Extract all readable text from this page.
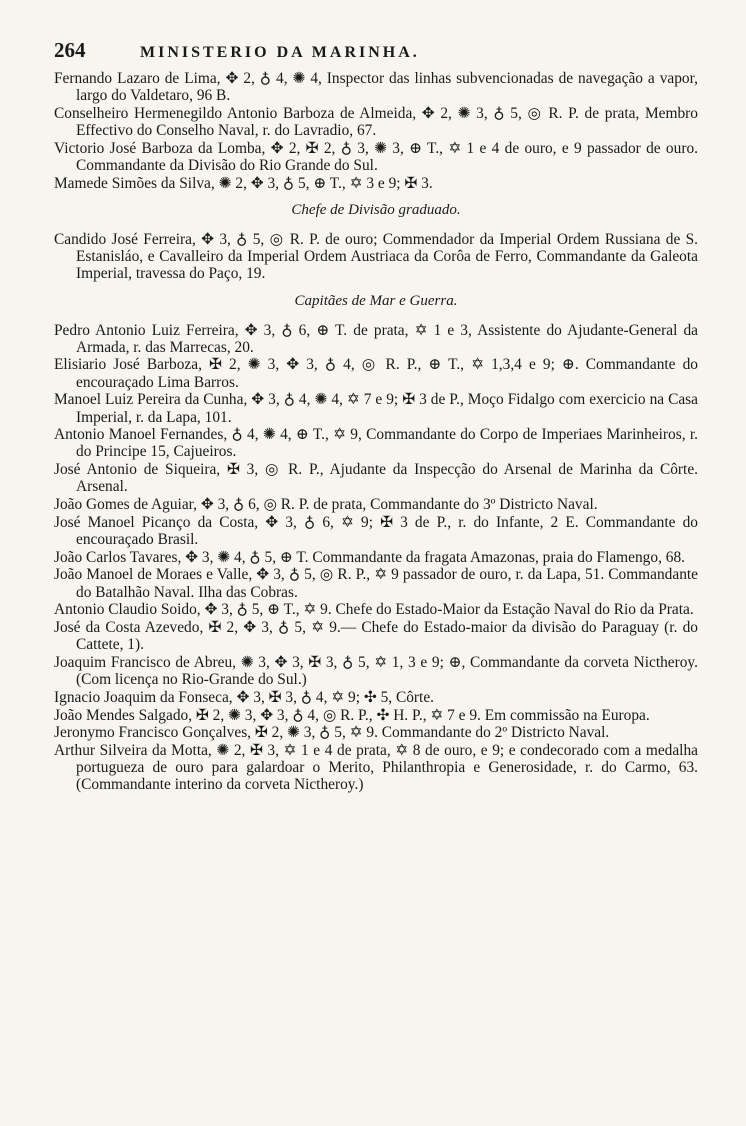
264	MINISTERIO DA MARINHA.

Fernando Lazaro de Lima, ✥ 2, ♁ 4, ✺ 4, Inspector das linhas subvencionadas de navegação a vapor, largo do Valdetaro, 96 B.

Conselheiro Hermenegildo Antonio Barboza de Almeida, ✥ 2, ✺ 3, ♁ 5, ◎ R. P. de prata, Membro Effectivo do Conselho Naval, r. do Lavradio, 67.

Victorio José Barboza da Lomba, ✥ 2, ✠ 2, ♁ 3, ✺ 3, ⊕ T., ✡ 1 e 4 de ouro, e 9 passador de ouro. Commandante da Divisão do Rio Grande do Sul.

Mamede Simões da Silva, ✺ 2, ✥ 3, ♁ 5, ⊕ T., ✡ 3 e 9; ✠ 3.

Chefe de Divisão graduado.

Candido José Ferreira, ✥ 3, ♁ 5, ◎ R. P. de ouro; Commendador da Imperial Ordem Russiana de S. Estanisláo, e Cavalleiro da Imperial Ordem Austriaca da Corôa de Ferro, Commandante da Galeota Imperial, travessa do Paço, 19.

Capitães de Mar e Guerra.

Pedro Antonio Luiz Ferreira, ✥ 3, ♁ 6, ⊕ T. de prata, ✡ 1 e 3, Assistente do Ajudante-General da Armada, r. das Marrecas, 20.

Elisiario José Barboza, ✠ 2, ✺ 3, ✥ 3, ♁ 4, ◎ R. P., ⊕ T., ✡ 1,3,4 e 9; ⊕. Commandante do encouraçado Lima Barros.

Manoel Luiz Pereira da Cunha, ✥ 3, ♁ 4, ✺ 4, ✡ 7 e 9; ✠ 3 de P., Moço Fidalgo com exercicio na Casa Imperial, r. da Lapa, 101.

Antonio Manoel Fernandes, ♁ 4, ✺ 4, ⊕ T., ✡ 9, Commandante do Corpo de Imperiaes Marinheiros, r. do Principe 15, Cajueiros.

José Antonio de Siqueira, ✠ 3, ◎ R. P., Ajudante da Inspecção do Arsenal de Marinha da Côrte. Arsenal.

João Gomes de Aguiar, ✥ 3, ♁ 6, ◎ R. P. de prata, Commandante do 3º Districto Naval.

José Manoel Picanço da Costa, ✥ 3, ♁ 6, ✡ 9; ✠ 3 de P., r. do Infante, 2 E. Commandante do encouraçado Brasil.

João Carlos Tavares, ✥ 3, ✺ 4, ♁ 5, ⊕ T. Commandante da fragata Amazonas, praia do Flamengo, 68.

João Manoel de Moraes e Valle, ✥ 3, ♁ 5, ◎ R. P., ✡ 9 passador de ouro, r. da Lapa, 51. Commandante do Batalhão Naval. Ilha das Cobras.

Antonio Claudio Soido, ✥ 3, ♁ 5, ⊕ T., ✡ 9. Chefe do Estado-Maior da Estação Naval do Rio da Prata.

José da Costa Azevedo, ✠ 2, ✥ 3, ♁ 5, ✡ 9.— Chefe do Estado-maior da divisão do Paraguay (r. do Cattete, 1).

Joaquim Francisco de Abreu, ✺ 3, ✥ 3, ✠ 3, ♁ 5, ✡ 1, 3 e 9; ⊕, Commandante da corveta Nictheroy. (Com licença no Rio-Grande do Sul.)

Ignacio Joaquim da Fonseca, ✥ 3, ✠ 3, ♁ 4, ✡ 9; ✣ 5, Côrte.

João Mendes Salgado, ✠ 2, ✺ 3, ✥ 3, ♁ 4, ◎ R. P., ✣ H. P., ✡ 7 e 9. Em commissão na Europa.

Jeronymo Francisco Gonçalves, ✠ 2, ✺ 3, ♁ 5, ✡ 9. Commandante do 2º Districto Naval.

Arthur Silveira da Motta, ✺ 2, ✠ 3, ✡ 1 e 4 de prata, ✡ 8 de ouro, e 9; e condecorado com a medalha portugueza de ouro para galardoar o Merito, Philanthropia e Generosidade, r. do Carmo, 63. (Commandante interino da corveta Nictheroy.)
